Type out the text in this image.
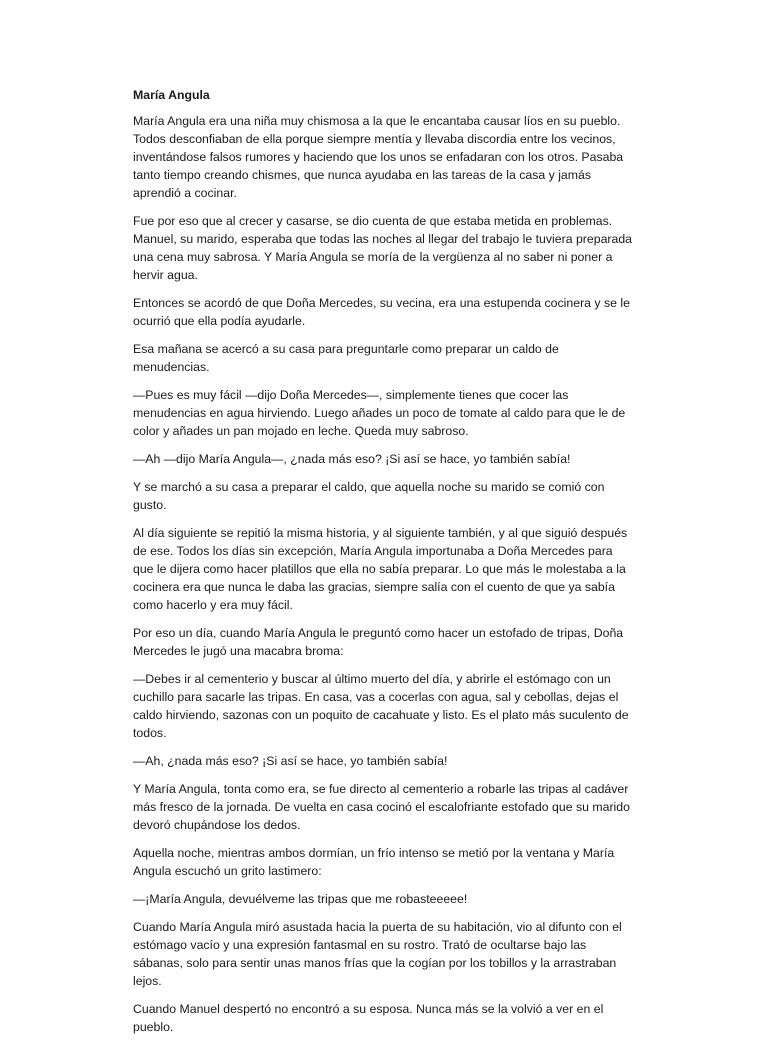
María Angula

María Angula era una niña muy chismosa a la que le encantaba causar líos en su pueblo. Todos desconfiaban de ella porque siempre mentía y llevaba discordia entre los vecinos, inventándose falsos rumores y haciendo que los unos se enfadaran con los otros. Pasaba tanto tiempo creando chismes, que nunca ayudaba en las tareas de la casa y jamás aprendió a cocinar.

Fue por eso que al crecer y casarse, se dio cuenta de que estaba metida en problemas. Manuel, su marido, esperaba que todas las noches al llegar del trabajo le tuviera preparada una cena muy sabrosa. Y María Angula se moría de la vergüenza al no saber ni poner a hervir agua.

Entonces se acordó de que Doña Mercedes, su vecina, era una estupenda cocinera y se le ocurrió que ella podía ayudarle.

Esa mañana se acercó a su casa para preguntarle como preparar un caldo de menudencias.

—Pues es muy fácil —dijo Doña Mercedes—, simplemente tienes que cocer las menudencias en agua hirviendo. Luego añades un poco de tomate al caldo para que le de color y añades un pan mojado en leche. Queda muy sabroso.

—Ah —dijo María Angula—, ¿nada más eso? ¡Si así se hace, yo también sabía!

Y se marchó a su casa a preparar el caldo, que aquella noche su marido se comió con gusto.

Al día siguiente se repitió la misma historia, y al siguiente también, y al que siguió después de ese. Todos los días sin excepción, María Angula importunaba a Doña Mercedes para que le dijera como hacer platillos que ella no sabía preparar. Lo que más le molestaba a la cocinera era que nunca le daba las gracias, siempre salía con el cuento de que ya sabía como hacerlo y era muy fácil.

Por eso un día, cuando María Angula le preguntó como hacer un estofado de tripas, Doña Mercedes le jugó una macabra broma:

—Debes ir al cementerio y buscar al último muerto del día, y abrirle el estómago con un cuchillo para sacarle las tripas. En casa, vas a cocerlas con agua, sal y cebollas, dejas el caldo hirviendo, sazonas con un poquito de cacahuate y listo. Es el plato más suculento de todos.

—Ah, ¿nada más eso? ¡Si así se hace, yo también sabía!

Y María Angula, tonta como era, se fue directo al cementerio a robarle las tripas al cadáver más fresco de la jornada. De vuelta en casa cocinó el escalofriante estofado que su marido devoró chupándose los dedos.

Aquella noche, mientras ambos dormían, un frío intenso se metió por la ventana y María Angula escuchó un grito lastimero:

—¡María Angula, devuélveme las tripas que me robasteeeee!

Cuando María Angula miró asustada hacia la puerta de su habitación, vio al difunto con el estómago vacío y una expresión fantasmal en su rostro. Trató de ocultarse bajo las sábanas, solo para sentir unas manos frías que la cogían por los tobillos y la arrastraban lejos.

Cuando Manuel despertó no encontró a su esposa. Nunca más se la volvió a ver en el pueblo.
